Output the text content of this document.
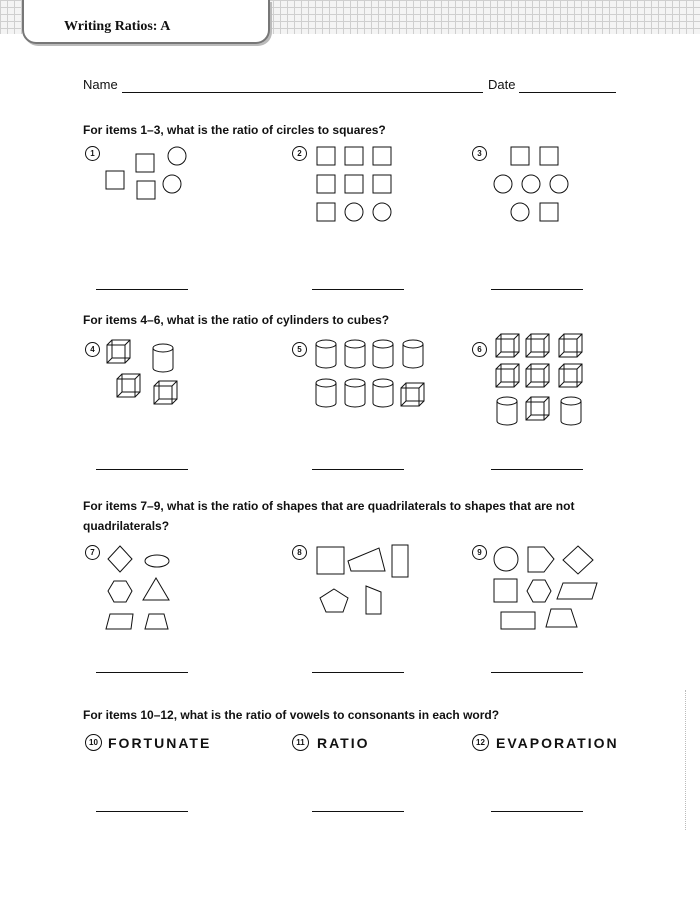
Writing Ratios: A
Name	Date
For items 1–3, what is the ratio of circles to squares?
1	2	3
For items 4–6, what is the ratio of cylinders to cubes?
4	5	6
For items 7–9, what is the ratio of shapes that are quadrilaterals to shapes that are not quadrilaterals?
7	8	9
For items 10–12, what is the ratio of vowels to consonants in each word?
10 FORTUNATE	11 RATIO	12 EVAPORATION
